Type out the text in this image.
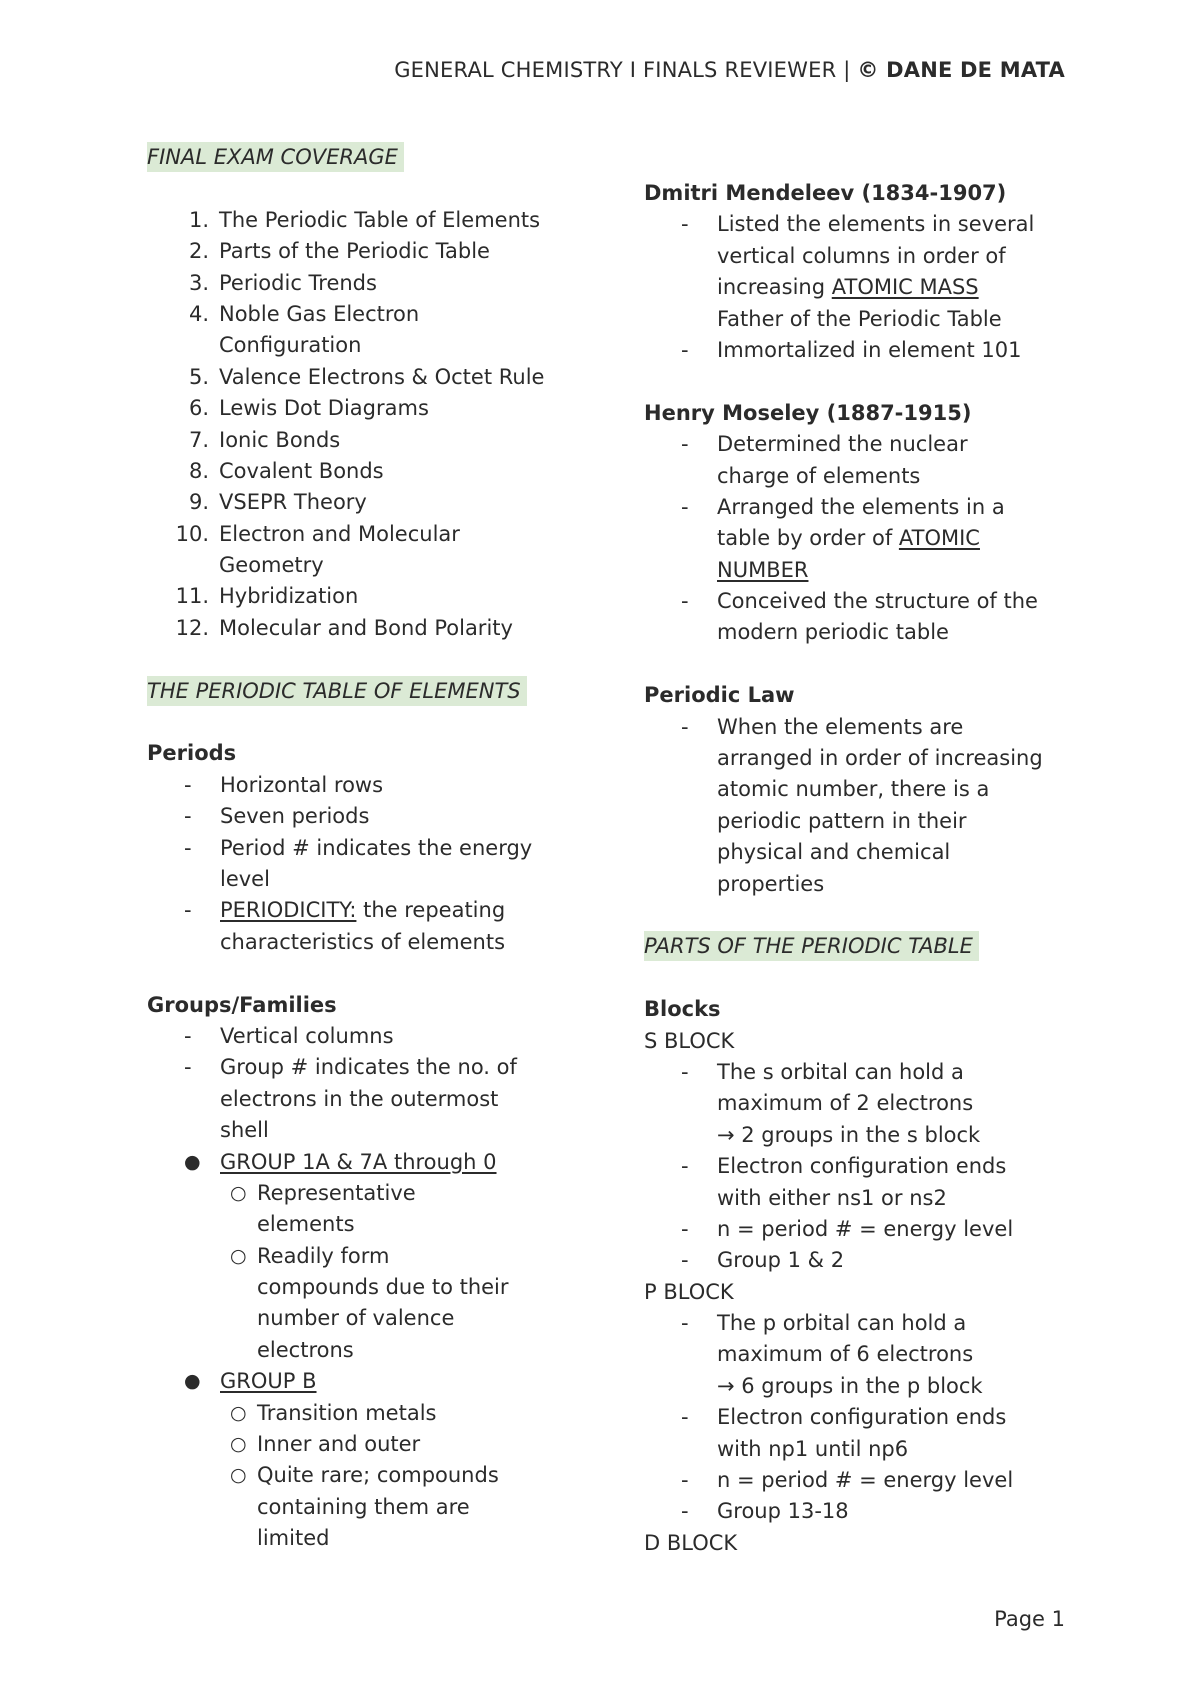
GENERAL CHEMISTRY I FINALS REVIEWER | © DANE DE MATA
FINAL EXAM COVERAGE
1. The Periodic Table of Elements
2. Parts of the Periodic Table
3. Periodic Trends
4. Noble Gas Electron
Configuration
5. Valence Electrons & Octet Rule
6. Lewis Dot Diagrams
7. Ionic Bonds
8. Covalent Bonds
9. VSEPR Theory
10. Electron and Molecular
Geometry
11. Hybridization
12. Molecular and Bond Polarity
THE PERIODIC TABLE OF ELEMENTS
Periods
-	Horizontal rows
-	Seven periods
-	Period # indicates the energy
level
-	PERIODICITY: the repeating
characteristics of elements
Groups/Families
-	Vertical columns
-	Group # indicates the no. of
electrons in the outermost
shell
● GROUP 1A & 7A through 0
○ Representative
elements
○ Readily form
compounds due to their
number of valence
electrons
● GROUP B
○ Transition metals
○ Inner and outer
○ Quite rare; compounds
containing them are
limited
Dmitri Mendeleev (1834-1907)
-	Listed the elements in several
vertical columns in order of
increasing ATOMIC MASS
Father of the Periodic Table
-	Immortalized in element 101
Henry Moseley (1887-1915)
-	Determined the nuclear
charge of elements
-	Arranged the elements in a
table by order of ATOMIC
NUMBER
-	Conceived the structure of the
modern periodic table
Periodic Law
-	When the elements are
arranged in order of increasing
atomic number, there is a
periodic pattern in their
physical and chemical
properties
PARTS OF THE PERIODIC TABLE
Blocks
S BLOCK
-	The s orbital can hold a
maximum of 2 electrons
→ 2 groups in the s block
-	Electron configuration ends
with either ns1 or ns2
-	n = period # = energy level
-	Group 1 & 2
P BLOCK
-	The p orbital can hold a
maximum of 6 electrons
→ 6 groups in the p block
-	Electron configuration ends
with np1 until np6
-	n = period # = energy level
-	Group 13-18
D BLOCK
Page 1
